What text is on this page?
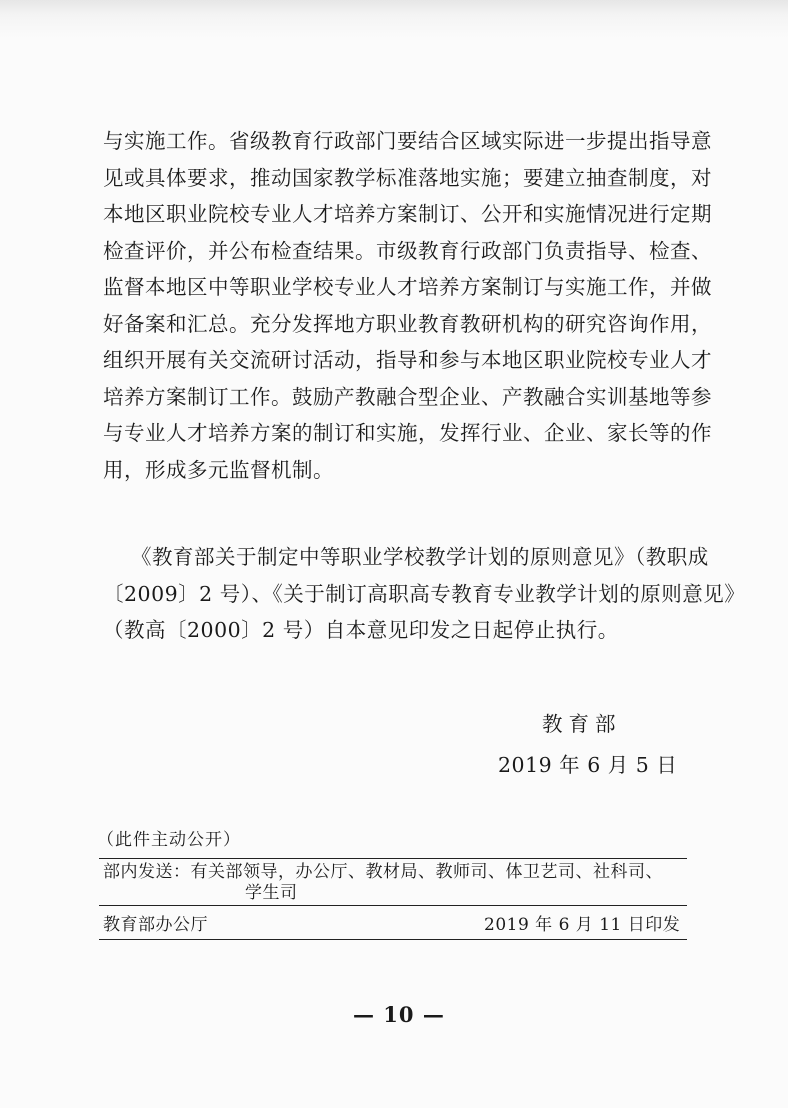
与实施工作。省级教育行政部门要结合区域实际进一步提出指导意
见或具体要求，推动国家教学标准落地实施；要建立抽查制度，对
本地区职业院校专业人才培养方案制订、公开和实施情况进行定期
检查评价，并公布检查结果。市级教育行政部门负责指导、检查、
监督本地区中等职业学校专业人才培养方案制订与实施工作，并做
好备案和汇总。充分发挥地方职业教育教研机构的研究咨询作用，
组织开展有关交流研讨活动，指导和参与本地区职业院校专业人才
培养方案制订工作。鼓励产教融合型企业、产教融合实训基地等参
与专业人才培养方案的制订和实施，发挥行业、企业、家长等的作
用，形成多元监督机制。
《教育部关于制定中等职业学校教学计划的原则意见》（教职成
〔2009〕2 号）、《关于制订高职高专教育专业教学计划的原则意见》
（教高〔2000〕2 号）自本意见印发之日起停止执行。
教育部
2019 年 6 月 5 日
（此件主动公开）
部内发送：有关部领导，办公厅、教材局、教师司、体卫艺司、社科司、
学生司
教育部办公厅	2019 年 6 月 11 日印发
— 10 —
